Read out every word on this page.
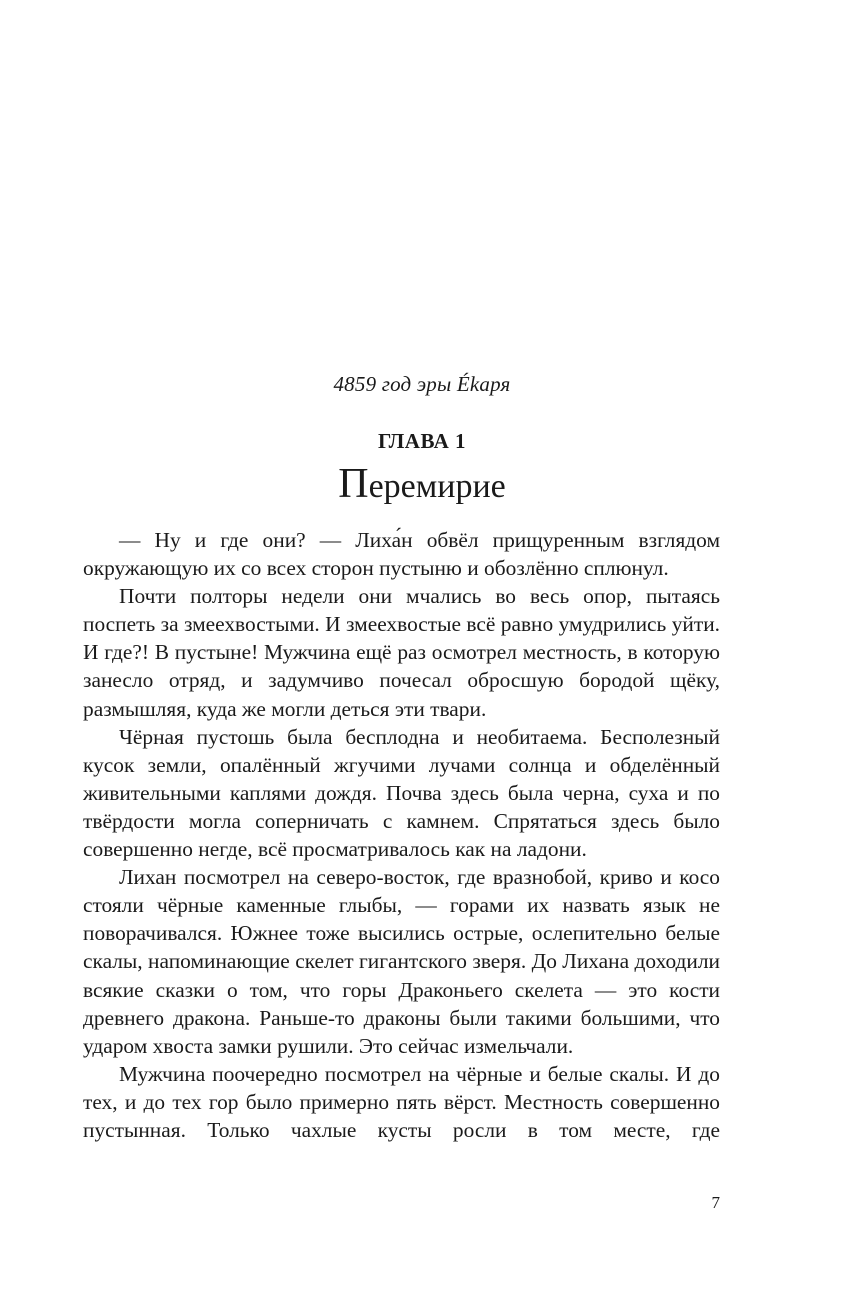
4859 год эры Ékаря
ГЛАВА 1
Перемирие

— Ну и где они? — Лиха́н обвёл прищуренным взглядом окружающую их со всех сторон пустыню и обозлённо сплюнул.

Почти полторы недели они мчались во весь опор, пытаясь поспеть за змеехвостыми. И змеехвостые всё равно умудрились уйти. И где?! В пустыне! Мужчина ещё раз осмотрел местность, в которую занесло отряд, и задумчиво почесал обросшую бородой щёку, размышляя, куда же могли деться эти твари.

Чёрная пустошь была бесплодна и необитаема. Бесполезный кусок земли, опалённый жгучими лучами солнца и обделённый живительными каплями дождя. Почва здесь была черна, суха и по твёрдости могла соперничать с камнем. Спрятаться здесь было совершенно негде, всё просматривалось как на ладони.

Лихан посмотрел на северо-восток, где вразнобой, криво и косо стояли чёрные каменные глыбы, — горами их назвать язык не поворачивался. Южнее тоже высились острые, ослепительно белые скалы, напоминающие скелет гигантского зверя. До Лихана доходили всякие сказки о том, что горы Драконьего скелета — это кости древнего дракона. Раньше-то драконы были такими большими, что ударом хвоста замки рушили. Это сейчас измельчали.

Мужчина поочередно посмотрел на чёрные и белые скалы. И до тех, и до тех гор было примерно пять вёрст. Местность совершенно пустынная. Только чахлые кусты росли в том месте, где

7
